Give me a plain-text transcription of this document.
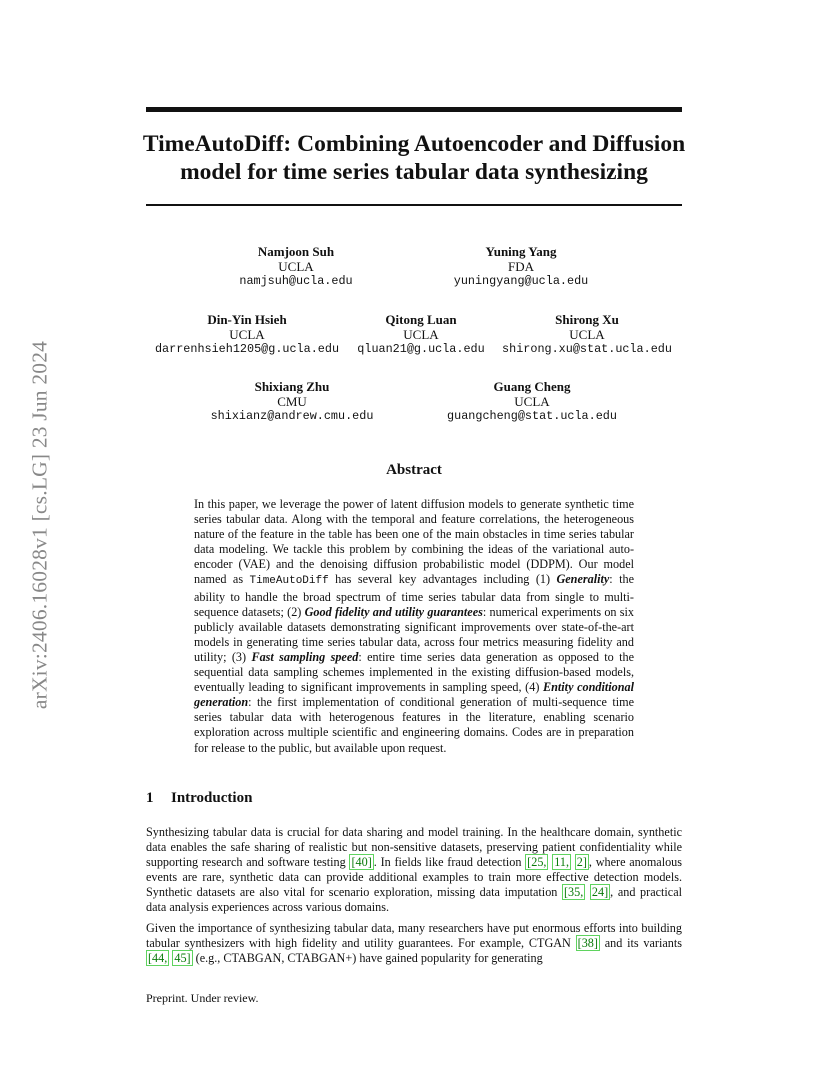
arXiv:2406.16028v1 [cs.LG] 23 Jun 2024
TimeAutoDiff: Combining Autoencoder and Diffusion
model for time series tabular data synthesizing
Namjoon Suh
UCLA
namjsuh@ucla.edu
Yuning Yang
FDA
yuningyang@ucla.edu
Din-Yin Hsieh
UCLA
darrenhsieh1205@g.ucla.edu
Qitong Luan
UCLA
qluan21@g.ucla.edu
Shirong Xu
UCLA
shirong.xu@stat.ucla.edu
Shixiang Zhu
CMU
shixianz@andrew.cmu.edu
Guang Cheng
UCLA
guangcheng@stat.ucla.edu
Abstract
In this paper, we leverage the power of latent diffusion models to generate synthetic time series tabular data. Along with the temporal and feature correlations, the heterogeneous nature of the feature in the table has been one of the main obstacles in time series tabular data modeling. We tackle this problem by combining the ideas of the variational auto-encoder (VAE) and the denoising diffusion probabilistic model (DDPM). Our model named as TimeAutoDiff has several key advantages including (1) Generality: the ability to handle the broad spectrum of time series tabular data from single to multi-sequence datasets; (2) Good fidelity and utility guarantees: numerical experiments on six publicly available datasets demonstrating significant improvements over state-of-the-art models in generating time series tabular data, across four metrics measuring fidelity and utility; (3) Fast sampling speed: entire time series data generation as opposed to the sequential data sampling schemes implemented in the existing diffusion-based models, eventually leading to significant improvements in sampling speed, (4) Entity conditional generation: the first implementation of conditional generation of multi-sequence time series tabular data with heterogenous features in the literature, enabling scenario exploration across multiple scientific and engineering domains. Codes are in preparation for release to the public, but available upon request.
1 Introduction
Synthesizing tabular data is crucial for data sharing and model training. In the healthcare domain, synthetic data enables the safe sharing of realistic but non-sensitive datasets, preserving patient confidentiality while supporting research and software testing [40] . In fields like fraud detection [25, 11, 2] , where anomalous events are rare, synthetic data can provide additional examples to train more effective detection models. Synthetic datasets are also vital for scenario exploration, missing data imputation [35, 24] , and practical data analysis experiences across various domains.
Given the importance of synthesizing tabular data, many researchers have put enormous efforts into building tabular synthesizers with high fidelity and utility guarantees. For example, CTGAN [38] and its variants [44, 45] (e.g., CTABGAN, CTABGAN+) have gained popularity for generating
Preprint. Under review.
